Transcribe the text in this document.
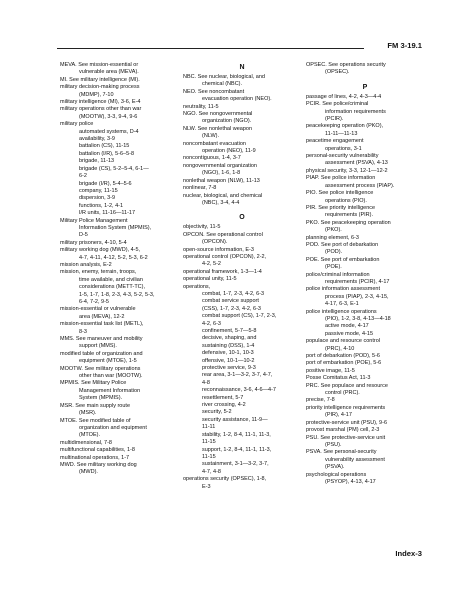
FM 3-19.1
MEVA. See mission-essential or
vulnerable area (MEVA).
MI. See military intelligence (MI).
military decision-making process
(MDMP), 7-10
military intelligence (MI), 3-6, E-4
military operations other than war
(MOOTW), 3-3, 9-4, 9-6
military police
automated systems, D-4
availability, 3-9
battalion (CS), 11-15
battalion (I/R), 5-6–5-8
brigade, 11-13
brigade (CS), 5-2–5-4, 6-1—
6-2
brigade (I/R), 5-4–5-6
company, 11-15
dispersion, 3-9
functions, 1-2, 4-1
I/R units, 11-16—11-17
Military Police Management
Information System (MPMIS),
D-5
military prisoners, 4-10, 5-4
military working dog (MWD), 4-5,
4-7, 4-11, 4-12, 5-2, 5-3, 6-2
mission analysis, E-2
mission, enemy, terrain, troops,
time available, and civilian
considerations (METT-TC),
1-5, 1-7, 1-8, 2-3, 4-3, 5-2, 5-3,
6-4, 7-2, 9-5
mission-essential or vulnerable
area (MEVA), 12-2
mission-essential task list (METL),
8-3
MMS. See maneuver and mobility
support (MMS).
modified table of organization and
equipment (MTOE), 1-5
MOOTW. See military operations
other than war (MOOTW).
MPMIS. See Military Police
Management Information
System (MPMIS).
MSR. See main supply route
(MSR).
MTOE. See modified table of
organization and equipment
(MTOE).
multidimensional, 7-8
multifunctional capabilities, 1-8
multinational operations, 1-7
MWD. See military working dog
(MWD).
N
NBC. See nuclear, biological, and
chemical (NBC).
NEO. See noncombatant
evacuation operation (NEO).
neutrality, 11-5
NGO. See nongovernmental
organization (NGO).
NLW. See nonlethal weapon
(NLW).
noncombatant evacuation
operation (NEO), 11-9
noncontiguous, 1-4, 3-7
nongovernmental organization
(NGO), 1-6, 1-8
nonlethal weapon (NLW), 11-13
nonlinear, 7-8
nuclear, biological, and chemical
(NBC), 3-4, 4-4
O
objectivity, 11-5
OPCON. See operational control
(OPCON).
open-source information, E-3
operational control (OPCON), 2-2,
4-2, 5-2
operational framework, 1-3—1-4
operational unity, 11-5
operations,
combat, 1-7, 2-3, 4-2, 6-3
combat service support
(CSS), 1-7, 2-3, 4-2, 6-3
combat support (CS), 1-7, 2-3,
4-2, 6-3
confinement, 5-7—5-8
decisive, shaping, and
sustaining (DSS), 1-4
defensive, 10-1, 10-3
offensive, 10-1—10-2
protective service, 9-3
rear area, 3-1—3-2, 3-7, 4-7,
4-8
reconnaissance, 3-6, 4-6—4-7
resettlement, 5-7
river crossing, 4-2
security, 5-2
security assistance, 11-9—
11-11
stability, 1-2, 8-4, 11-1, 11-3,
11-15
support, 1-2, 8-4, 11-1, 11-3,
11-15
sustainment, 3-1—3-2, 3-7,
4-7, 4-8
operations security (OPSEC), 1-8,
E-3
OPSEC. See operations security
(OPSEC).
P
passage of lines, 4-2, 4-3—4-4
PCIR. See police/criminal
information requirements
(PCIR).
peacekeeping operation (PKO),
11-11—11-13
peacetime engagement
operations, 3-1
personal-security vulnerability
assessment (PSVA), 4-13
physical security, 3-3, 12-1—12-2
PIAP. See police information
assessment process (PIAP).
PIO. See police intelligence
operations (PIO).
PIR. See priority intelligence
requirements (PIR).
PKO. See peacekeeping operation
(PKO).
planning element, 6-3
POD. See port of debarkation
(POD).
POE. See port of embarkation
(POE).
police/criminal information
requirements (PCIR), 4-17
police information assessment
process (PIAP), 2-3, 4-15,
4-17, 6-3, E-1
police intelligence operations
(PIO), 1-2, 3-8, 4-13—4-18
active mode, 4-17
passive mode, 4-15
populace and resource control
(PRC), 4-10
port of debarkation (POD), 5-6
port of embarkation (POE), 5-6
positive image, 11-5
Posse Comitatus Act, 11-3
PRC. See populace and resource
control (PRC).
precise, 7-8
priority intelligence requirements
(PIR), 4-17
protective-service unit (PSU), 9-6
provost marshal (PM) cell, 2-3
PSU. See protective-service unit
(PSU).
PSVA. See personal-security
vulnerability assessment
(PSVA).
psychological operations
(PSYOP), 4-13, 4-17
Index-3
